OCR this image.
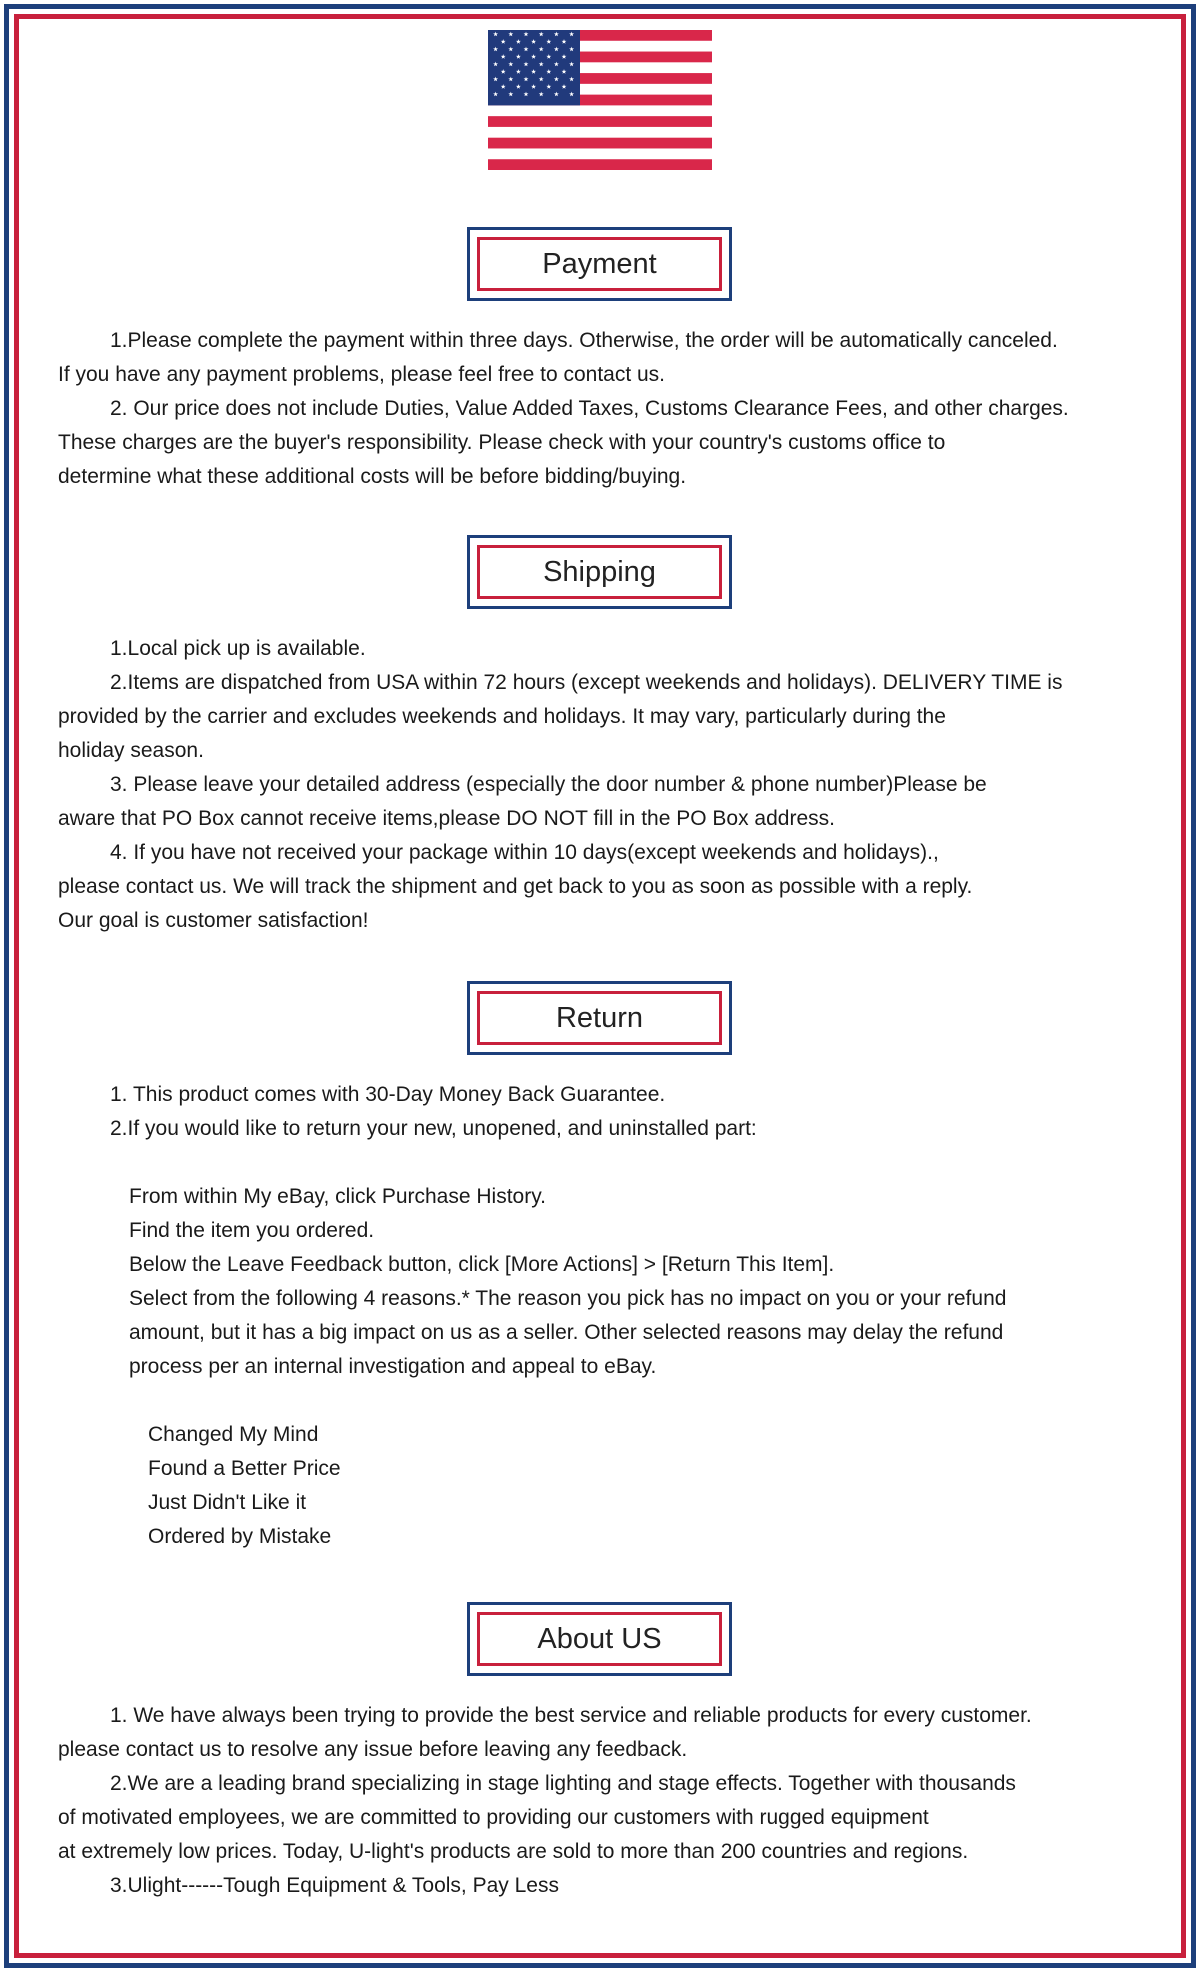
Payment

1.Please complete the payment within three days. Otherwise, the order will be automatically canceled.

If you have any payment problems, please feel free to contact us.

2. Our price does not include Duties, Value Added Taxes, Customs Clearance Fees, and other charges.

These charges are the buyer's responsibility. Please check with your country's customs office to

determine what these additional costs will be before bidding/buying.

Shipping

1.Local pick up is available.

2.Items are dispatched from USA within 72 hours (except weekends and holidays). DELIVERY TIME is

provided by the carrier and excludes weekends and holidays. It may vary, particularly during the

holiday season.

3. Please leave your detailed address (especially the door number & phone number)Please be

aware that PO Box cannot receive items,please DO NOT fill in the PO Box address.

4. If you have not received your package within 10 days(except weekends and holidays).,

please contact us. We will track the shipment and get back to you as soon as possible with a reply.

Our goal is customer satisfaction!

Return

1. This product comes with 30-Day Money Back Guarantee.

2.If you would like to return your new, unopened, and uninstalled part:

From within My eBay, click Purchase History.

Find the item you ordered.

Below the Leave Feedback button, click [More Actions] > [Return This Item].

Select from the following 4 reasons.* The reason you pick has no impact on you or your refund

amount, but it has a big impact on us as a seller. Other selected reasons may delay the refund

process per an internal investigation and appeal to eBay.

Changed My Mind

Found a Better Price

Just Didn't Like it

Ordered by Mistake

About US

1. We have always been trying to provide the best service and reliable products for every customer.

please contact us to resolve any issue before leaving any feedback.

2.We are a leading brand specializing in stage lighting and stage effects. Together with thousands

of motivated employees, we are committed to providing our customers with rugged equipment

at extremely low prices. Today, U-light's products are sold to more than 200 countries and regions.

3.Ulight------Tough Equipment & Tools, Pay Less
